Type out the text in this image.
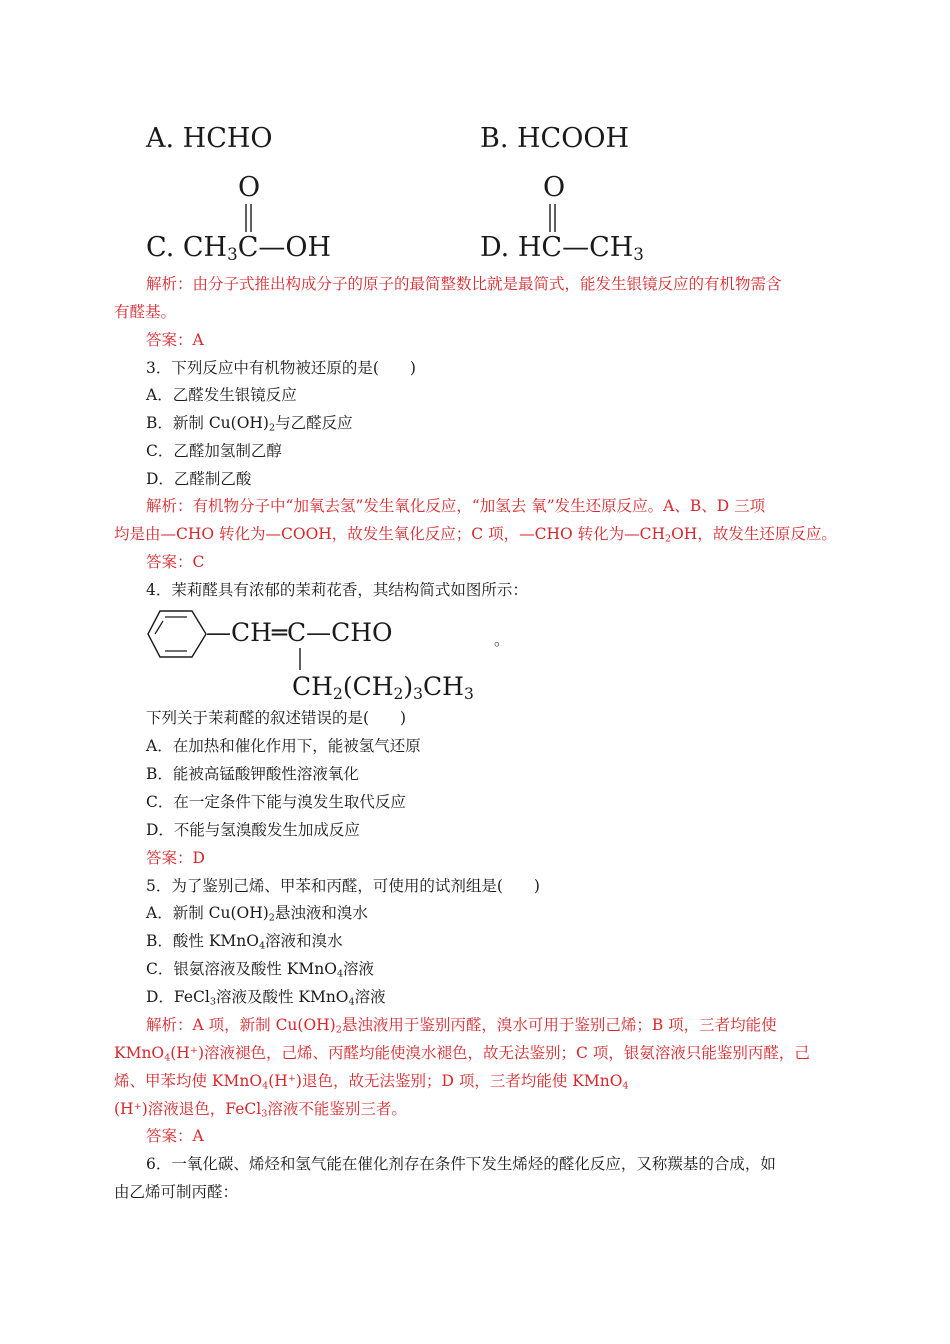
A. HCHO	B. HCOOH
O
C. $CH_3C—OH$
O
D. $HC—CH_3$
解析：由分子式推出构成分子的原子的最简整数比就是最简式，能发生银镜反应的有机物需含
有醛基。
答案：A
3．下列反应中有机物被还原的是(　　)
A．乙醛发生银镜反应
B．新制 $Cu(OH)_2$与乙醛反应
C．乙醛加氢制乙醇
D．乙醛制乙酸
解析：有机物分子中“加氧去氢”发生氧化反应，“加氢去 氧”发生还原反应。A、B、D 三项
均是由—CHO 转化为—COOH，故发生氧化反应；C 项，—CHO 转化为$—CH_2OH$，故发生还原反应。
答案：C
4．茉莉醛具有浓郁的茉莉花香，其结构简式如图所示：
—CH═C—CHO
$CH_2(CH_2)_3CH_3$
。
下列关于茉莉醛的叙述错误的是(　　)
A．在加热和催化作用下，能被氢气还原
B．能被高锰酸钾酸性溶液氧化
C．在一定条件下能与溴发生取代反应
D．不能与氢溴酸发生加成反应
答案：D
5．为了鉴别己烯、甲苯和丙醛，可使用的试剂组是(　　)
A．新制 $Cu(OH)_2$悬浊液和溴水
B．酸性 KMnO$_4$溶液和溴水
C．银氨溶液及酸性 KMnO$_4$溶液
D．FeCl$_3$溶液及酸性 KMnO$_4$溶液
解析：A 项，新制 $Cu(OH)_2$悬浊液用于鉴别丙醛，溴水可用于鉴别己烯；B 项，三者均能使
KMnO$_4$(H⁺)溶液褪色，己烯、丙醛均能使溴水褪色，故无法鉴别；C 项，银氨溶液只能鉴别丙醛，己
烯、甲苯均使 KMnO$_4$(H⁺)退色，故无法鉴别；D 项，三者均能使 KMnO$_4$
(H⁺)溶液退色，FeCl$_3$溶液不能鉴别三者。
答案：A
6．一氧化碳、烯烃和氢气能在催化剂存在条件下发生烯烃的醛化反应，又称羰基的合成，如
由乙烯可制丙醛：
